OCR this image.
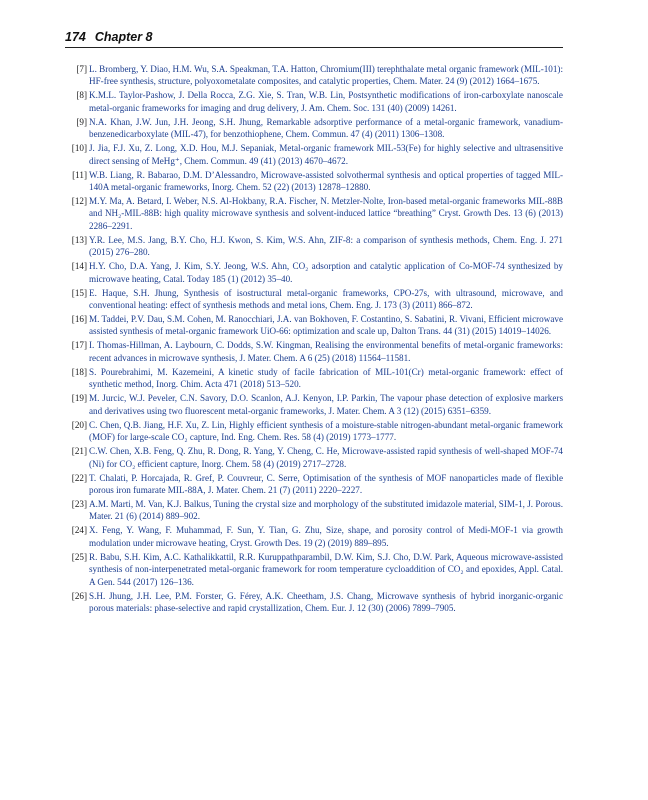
174 Chapter 8
[7] L. Bromberg, Y. Diao, H.M. Wu, S.A. Speakman, T.A. Hatton, Chromium(III) terephthalate metal organic framework (MIL-101): HF-free synthesis, structure, polyoxometalate composites, and catalytic properties, Chem. Mater. 24 (9) (2012) 1664–1675.
[8] K.M.L. Taylor-Pashow, J. Della Rocca, Z.G. Xie, S. Tran, W.B. Lin, Postsynthetic modifications of iron-carboxylate nanoscale metal-organic frameworks for imaging and drug delivery, J. Am. Chem. Soc. 131 (40) (2009) 14261.
[9] N.A. Khan, J.W. Jun, J.H. Jeong, S.H. Jhung, Remarkable adsorptive performance of a metal-organic framework, vanadium-benzenedicarboxylate (MIL-47), for benzothiophene, Chem. Commun. 47 (4) (2011) 1306–1308.
[10] J. Jia, F.J. Xu, Z. Long, X.D. Hou, M.J. Sepaniak, Metal-organic framework MIL-53(Fe) for highly selective and ultrasensitive direct sensing of MeHg⁺, Chem. Commun. 49 (41) (2013) 4670–4672.
[11] W.B. Liang, R. Babarao, D.M. D’Alessandro, Microwave-assisted solvothermal synthesis and optical properties of tagged MIL-140A metal-organic frameworks, Inorg. Chem. 52 (22) (2013) 12878–12880.
[12] M.Y. Ma, A. Betard, I. Weber, N.S. Al-Hokbany, R.A. Fischer, N. Metzler-Nolte, Iron-based metal-organic frameworks MIL-88B and NH₂-MIL-88B: high quality microwave synthesis and solvent-induced lattice “breathing” Cryst. Growth Des. 13 (6) (2013) 2286–2291.
[13] Y.R. Lee, M.S. Jang, B.Y. Cho, H.J. Kwon, S. Kim, W.S. Ahn, ZIF-8: a comparison of synthesis methods, Chem. Eng. J. 271 (2015) 276–280.
[14] H.Y. Cho, D.A. Yang, J. Kim, S.Y. Jeong, W.S. Ahn, CO₂ adsorption and catalytic application of Co-MOF-74 synthesized by microwave heating, Catal. Today 185 (1) (2012) 35–40.
[15] E. Haque, S.H. Jhung, Synthesis of isostructural metal-organic frameworks, CPO-27s, with ultrasound, microwave, and conventional heating: effect of synthesis methods and metal ions, Chem. Eng. J. 173 (3) (2011) 866–872.
[16] M. Taddei, P.V. Dau, S.M. Cohen, M. Ranocchiari, J.A. van Bokhoven, F. Costantino, S. Sabatini, R. Vivani, Efficient microwave assisted synthesis of metal-organic framework UiO-66: optimization and scale up, Dalton Trans. 44 (31) (2015) 14019–14026.
[17] I. Thomas-Hillman, A. Laybourn, C. Dodds, S.W. Kingman, Realising the environmental benefits of metal-organic frameworks: recent advances in microwave synthesis, J. Mater. Chem. A 6 (25) (2018) 11564–11581.
[18] S. Pourebrahimi, M. Kazemeini, A kinetic study of facile fabrication of MIL-101(Cr) metal-organic framework: effect of synthetic method, Inorg. Chim. Acta 471 (2018) 513–520.
[19] M. Jurcic, W.J. Peveler, C.N. Savory, D.O. Scanlon, A.J. Kenyon, I.P. Parkin, The vapour phase detection of explosive markers and derivatives using two fluorescent metal-organic frameworks, J. Mater. Chem. A 3 (12) (2015) 6351–6359.
[20] C. Chen, Q.B. Jiang, H.F. Xu, Z. Lin, Highly efficient synthesis of a moisture-stable nitrogen-abundant metal-organic framework (MOF) for large-scale CO₂ capture, Ind. Eng. Chem. Res. 58 (4) (2019) 1773–1777.
[21] C.W. Chen, X.B. Feng, Q. Zhu, R. Dong, R. Yang, Y. Cheng, C. He, Microwave-assisted rapid synthesis of well-shaped MOF-74 (Ni) for CO₂ efficient capture, Inorg. Chem. 58 (4) (2019) 2717–2728.
[22] T. Chalati, P. Horcajada, R. Gref, P. Couvreur, C. Serre, Optimisation of the synthesis of MOF nanoparticles made of flexible porous iron fumarate MIL-88A, J. Mater. Chem. 21 (7) (2011) 2220–2227.
[23] A.M. Marti, M. Van, K.J. Balkus, Tuning the crystal size and morphology of the substituted imidazole material, SIM-1, J. Porous. Mater. 21 (6) (2014) 889–902.
[24] X. Feng, Y. Wang, F. Muhammad, F. Sun, Y. Tian, G. Zhu, Size, shape, and porosity control of Medi-MOF-1 via growth modulation under microwave heating, Cryst. Growth Des. 19 (2) (2019) 889–895.
[25] R. Babu, S.H. Kim, A.C. Kathalikkattil, R.R. Kuruppathparambil, D.W. Kim, S.J. Cho, D.W. Park, Aqueous microwave-assisted synthesis of non-interpenetrated metal-organic framework for room temperature cycloaddition of CO₂ and epoxides, Appl. Catal. A Gen. 544 (2017) 126–136.
[26] S.H. Jhung, J.H. Lee, P.M. Forster, G. Férey, A.K. Cheetham, J.S. Chang, Microwave synthesis of hybrid inorganic-organic porous materials: phase-selective and rapid crystallization, Chem. Eur. J. 12 (30) (2006) 7899–7905.
